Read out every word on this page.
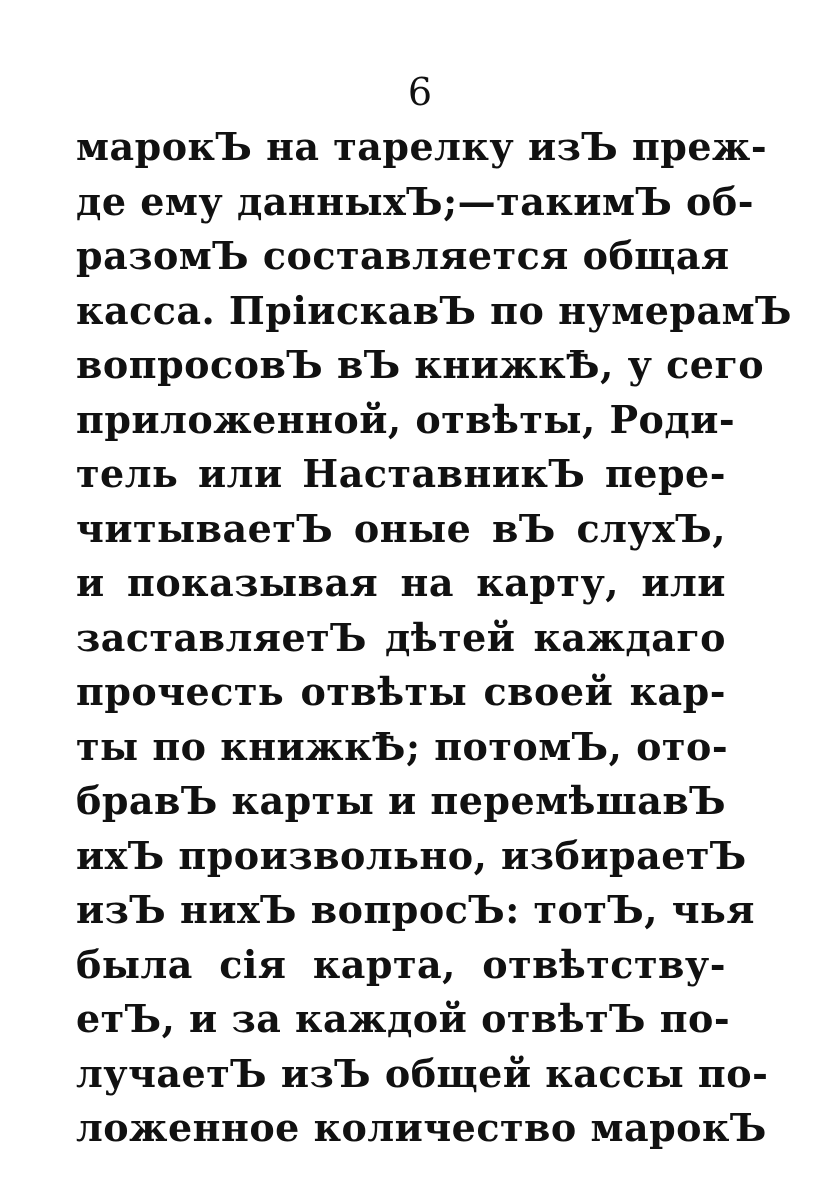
6
марокЪ на тарелку изЪ преж-
де ему данныхЪ;—такимЪ об-
разомЪ составляется общая
касса. ПріискавЪ по нумерамЪ
вопросовЪ вЪ книжкѢ, у сего
приложенной, отвѣты, Роди-
тель или НаставникЪ пере-
читываетЪ оные вЪ слухЪ,
и показывая на карту, или
заставляетЪ дѣтей каждаго
прочесть отвѣты своей кар-
ты по книжкѢ; потомЪ, ото-
бравЪ карты и перемѣшавЪ
ихЪ произвольно, избираетЪ
изЪ нихЪ вопросЪ: тотЪ, чья
была сія карта, отвѣтству-
етЪ, и за каждой отвѣтЪ по-
лучаетЪ изЪ общей кассы по-
ложенное количество марокЪ
